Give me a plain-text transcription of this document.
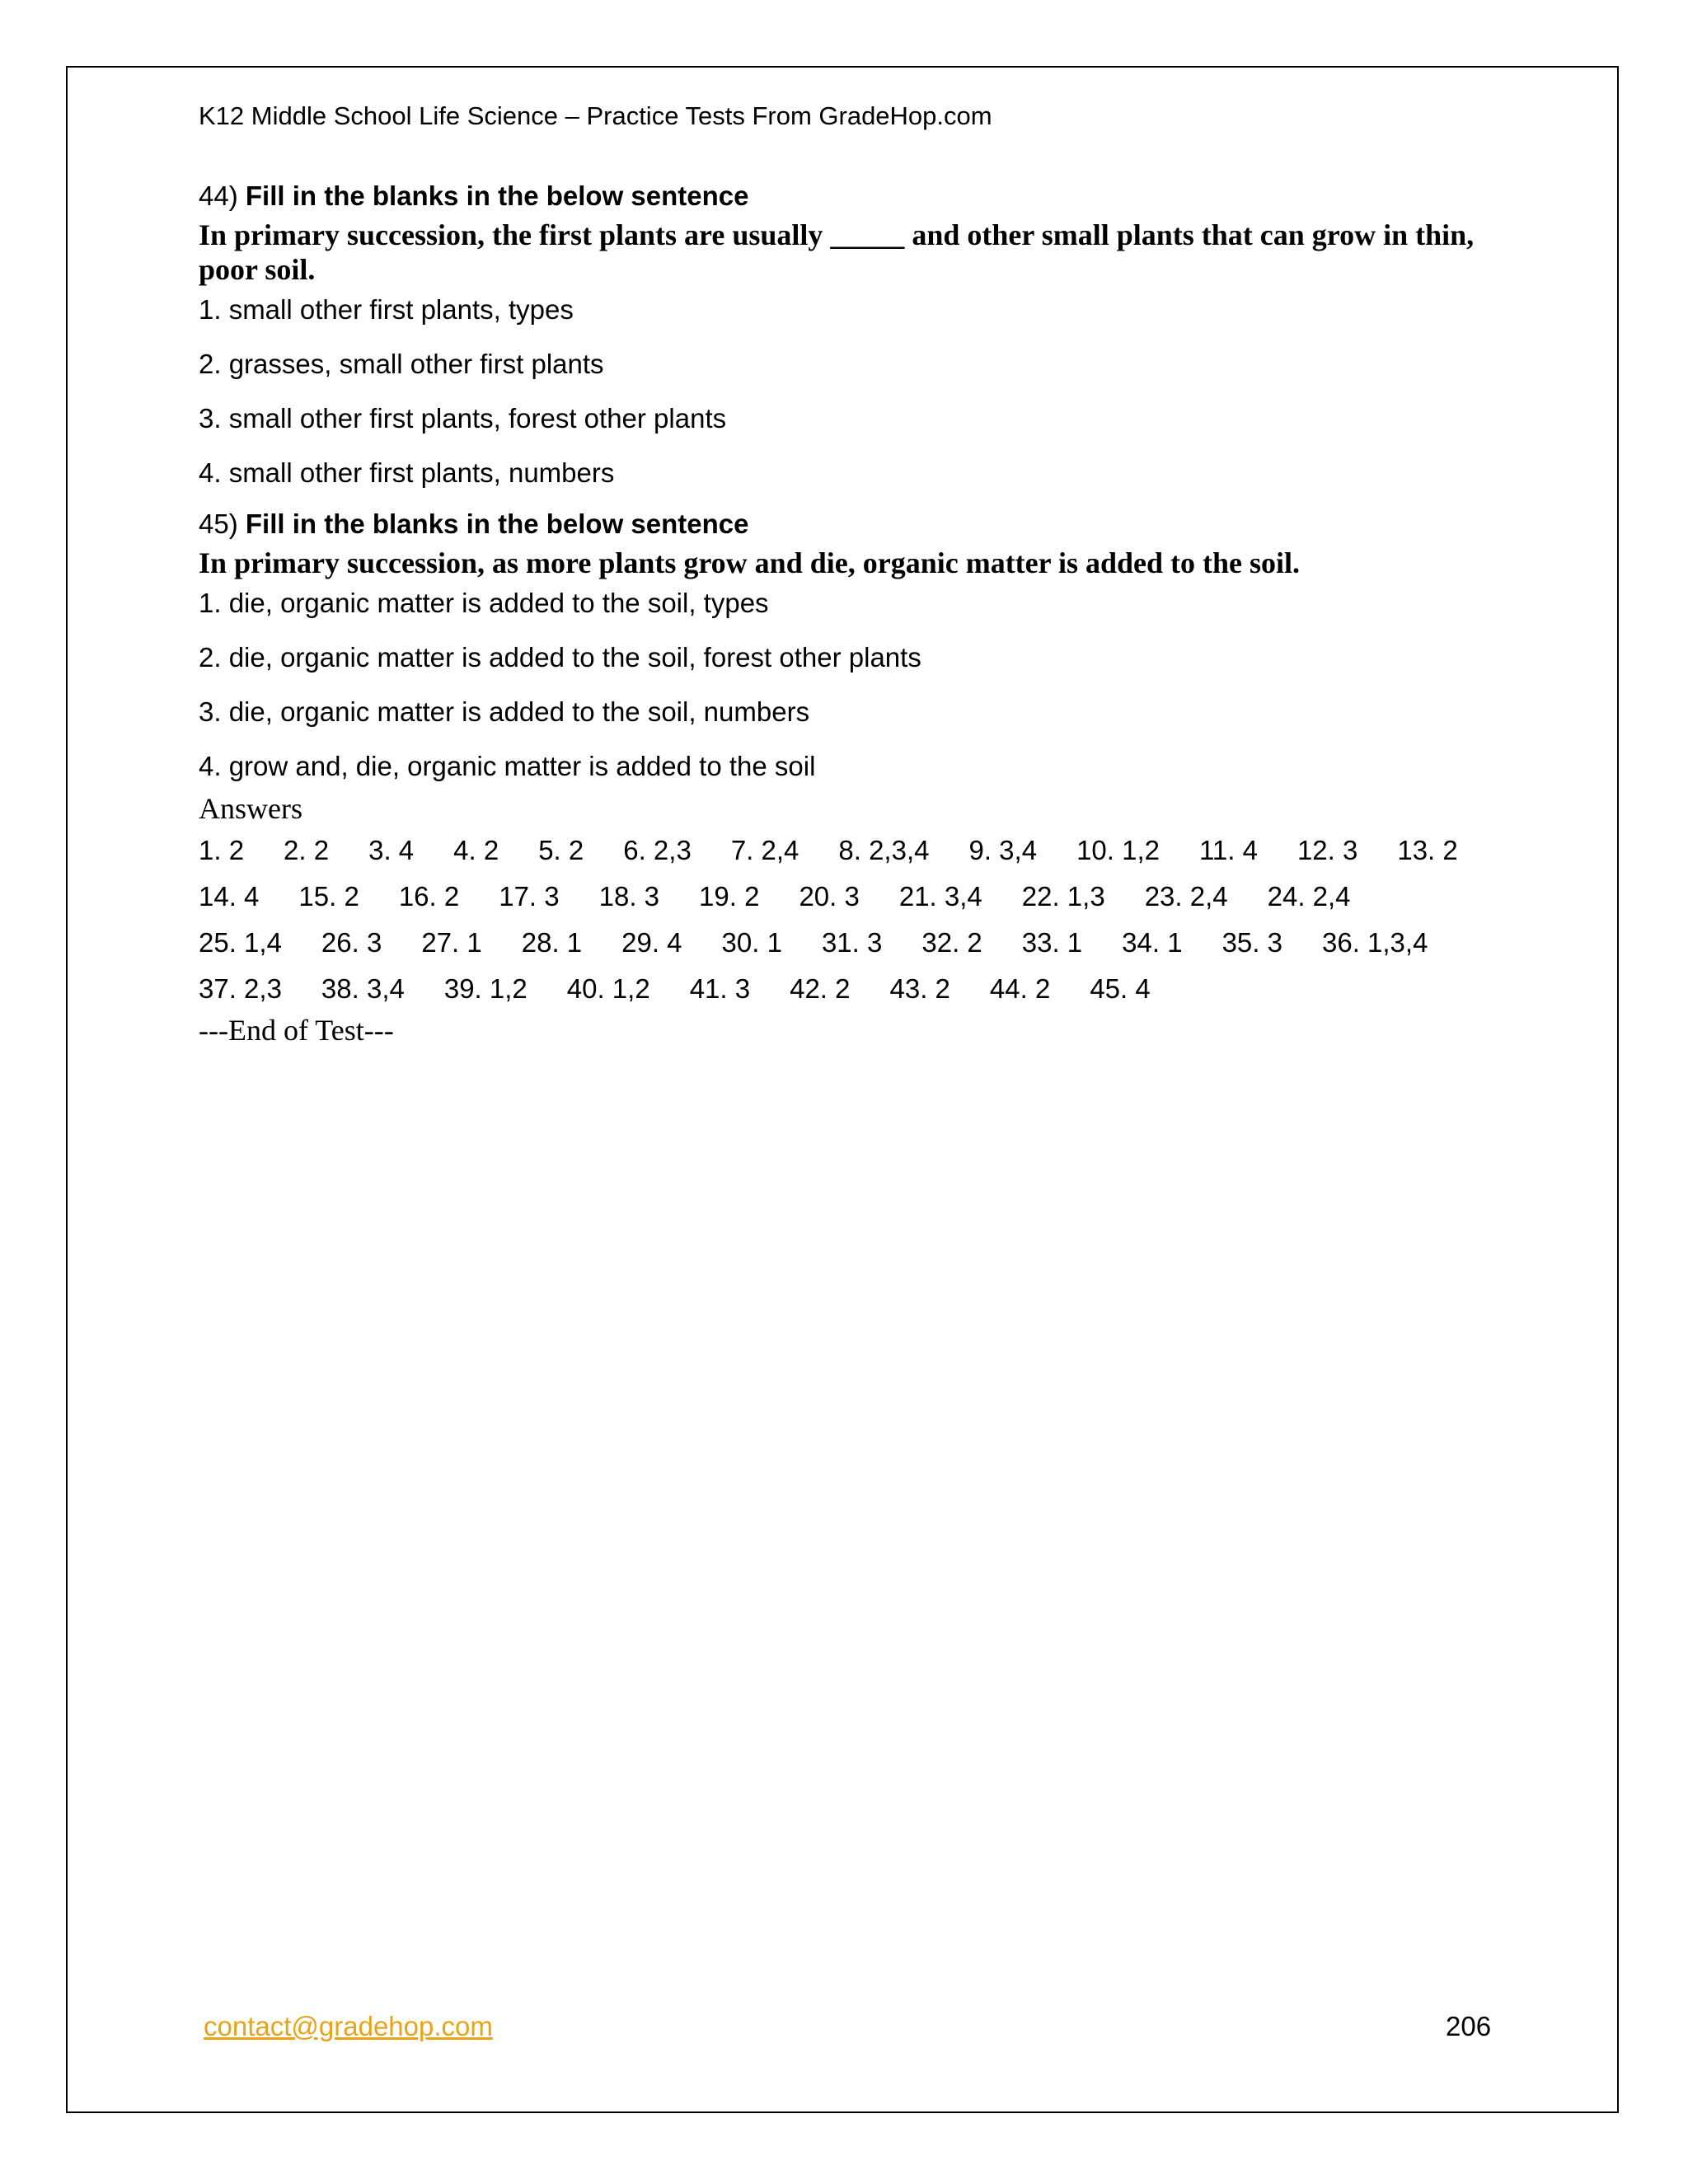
K12 Middle School Life Science – Practice Tests From GradeHop.com

44) Fill in the blanks in the below sentence

In primary succession, the first plants are usually _____ and other small plants that can grow in thin, poor soil.

1. small other first plants, types

2. grasses, small other first plants

3. small other first plants, forest other plants

4. small other first plants, numbers

45) Fill in the blanks in the below sentence

In primary succession, as more plants grow and die, organic matter is added to the soil.

1. die, organic matter is added to the soil, types

2. die, organic matter is added to the soil, forest other plants

3. die, organic matter is added to the soil, numbers

4. grow and, die, organic matter is added to the soil

Answers

1. 2 2. 2 3. 4 4. 2 5. 2 6. 2,3 7. 2,4 8. 2,3,4 9. 3,4 10. 1,2 11. 4 12. 3 13. 214. 4 15. 2 16. 2 17. 3 18. 3 19. 2 20. 3 21. 3,4 22. 1,3 23. 2,4 24. 2,425. 1,4 26. 3 27. 1 28. 1 29. 4 30. 1 31. 3 32. 2 33. 1 34. 1 35. 3 36. 1,3,437. 2,3 38. 3,4 39. 1,2 40. 1,2 41. 3 42. 2 43. 2 44. 2 45. 4

---End of Test---

contact@gradehop.com	206
